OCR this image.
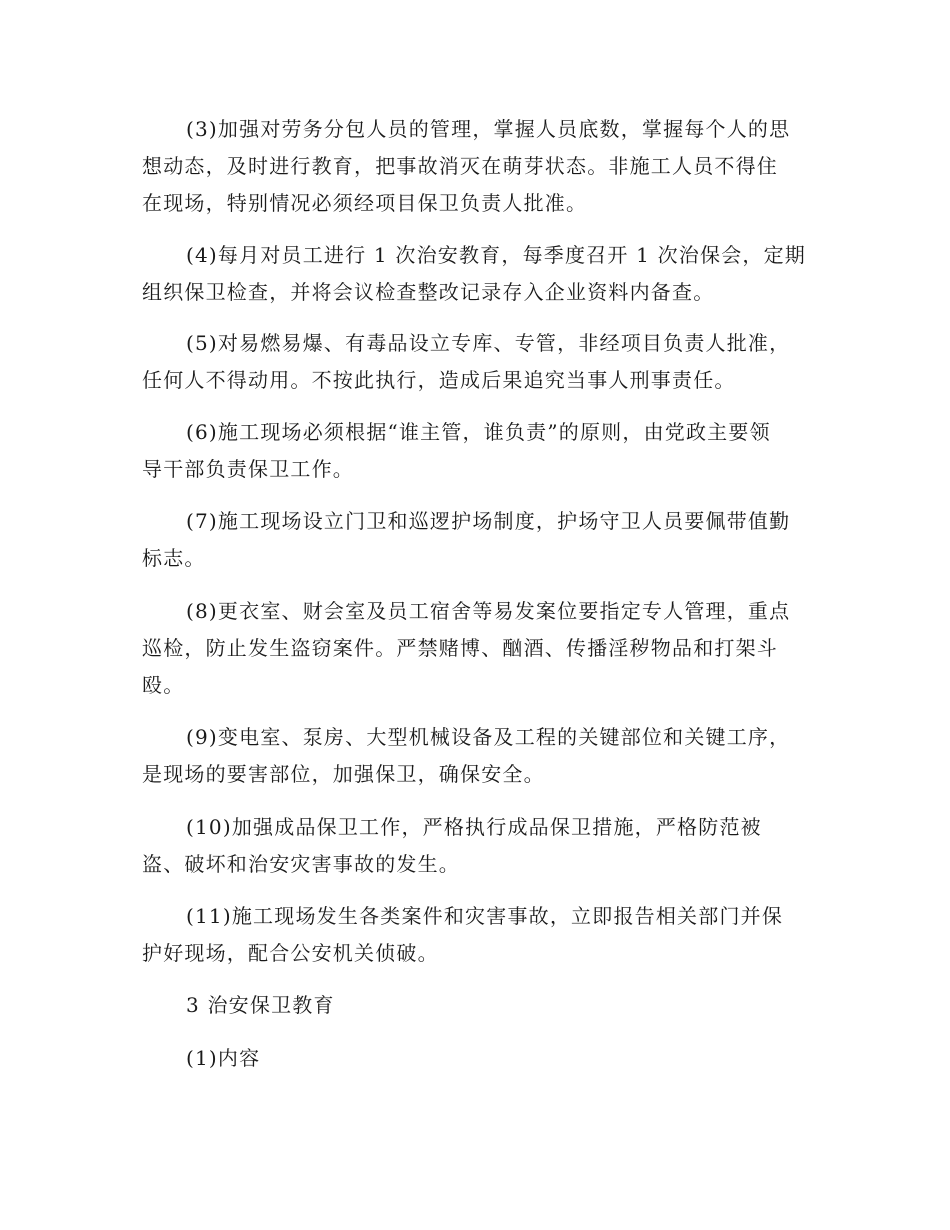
(3)加强对劳务分包人员的管理，掌握人员底数，掌握每个人的思
想动态，及时进行教育，把事故消灭在萌芽状态。非施工人员不得住
在现场，特别情况必须经项目保卫负责人批准。

(4)每月对员工进行 1 次治安教育，每季度召开 1 次治保会，定期
组织保卫检查，并将会议检查整改记录存入企业资料内备查。

(5)对易燃易爆、有毒品设立专库、专管，非经项目负责人批准，
任何人不得动用。不按此执行，造成后果追究当事人刑事责任。

(6)施工现场必须根据“谁主管，谁负责”的原则，由党政主要领
导干部负责保卫工作。

(7)施工现场设立门卫和巡逻护场制度，护场守卫人员要佩带值勤
标志。

(8)更衣室、财会室及员工宿舍等易发案位要指定专人管理，重点
巡检，防止发生盗窃案件。严禁赌博、酗酒、传播淫秽物品和打架斗
殴。

(9)变电室、泵房、大型机械设备及工程的关键部位和关键工序，
是现场的要害部位，加强保卫，确保安全。

(10)加强成品保卫工作，严格执行成品保卫措施，严格防范被
盗、破坏和治安灾害事故的发生。

(11)施工现场发生各类案件和灾害事故，立即报告相关部门并保
护好现场，配合公安机关侦破。

3 治安保卫教育

(1)内容
